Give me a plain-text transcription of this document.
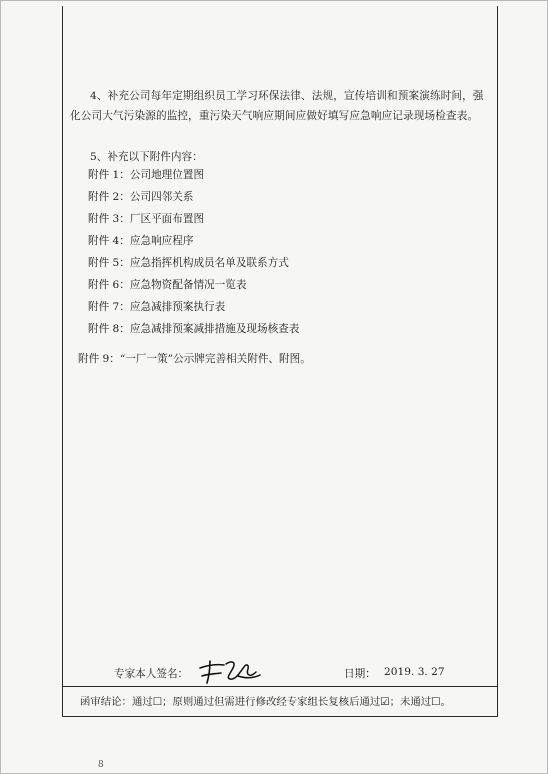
4、补充公司每年定期组织员工学习环保法律、法规，宣传培训和预案演练时间，强化公司大气污染源的监控，重污染天气响应期间应做好填写应急响应记录现场检查表。

5、补充以下附件内容：

附件 1：公司地理位置图
附件 2：公司四邻关系
附件 3：厂区平面布置图
附件 4：应急响应程序
附件 5：应急指挥机构成员名单及联系方式
附件 6：应急物资配备情况一览表
附件 7：应急减排预案执行表
附件 8：应急减排预案减排措施及现场核查表

附件 9：“一厂一策”公示牌完善相关附件、附图。

专家本人签名：	日期： 2019. 3. 27
函审结论：通过☐；原则通过但需进行修改经专家组长复核后通过☑；未通过☐。
8
